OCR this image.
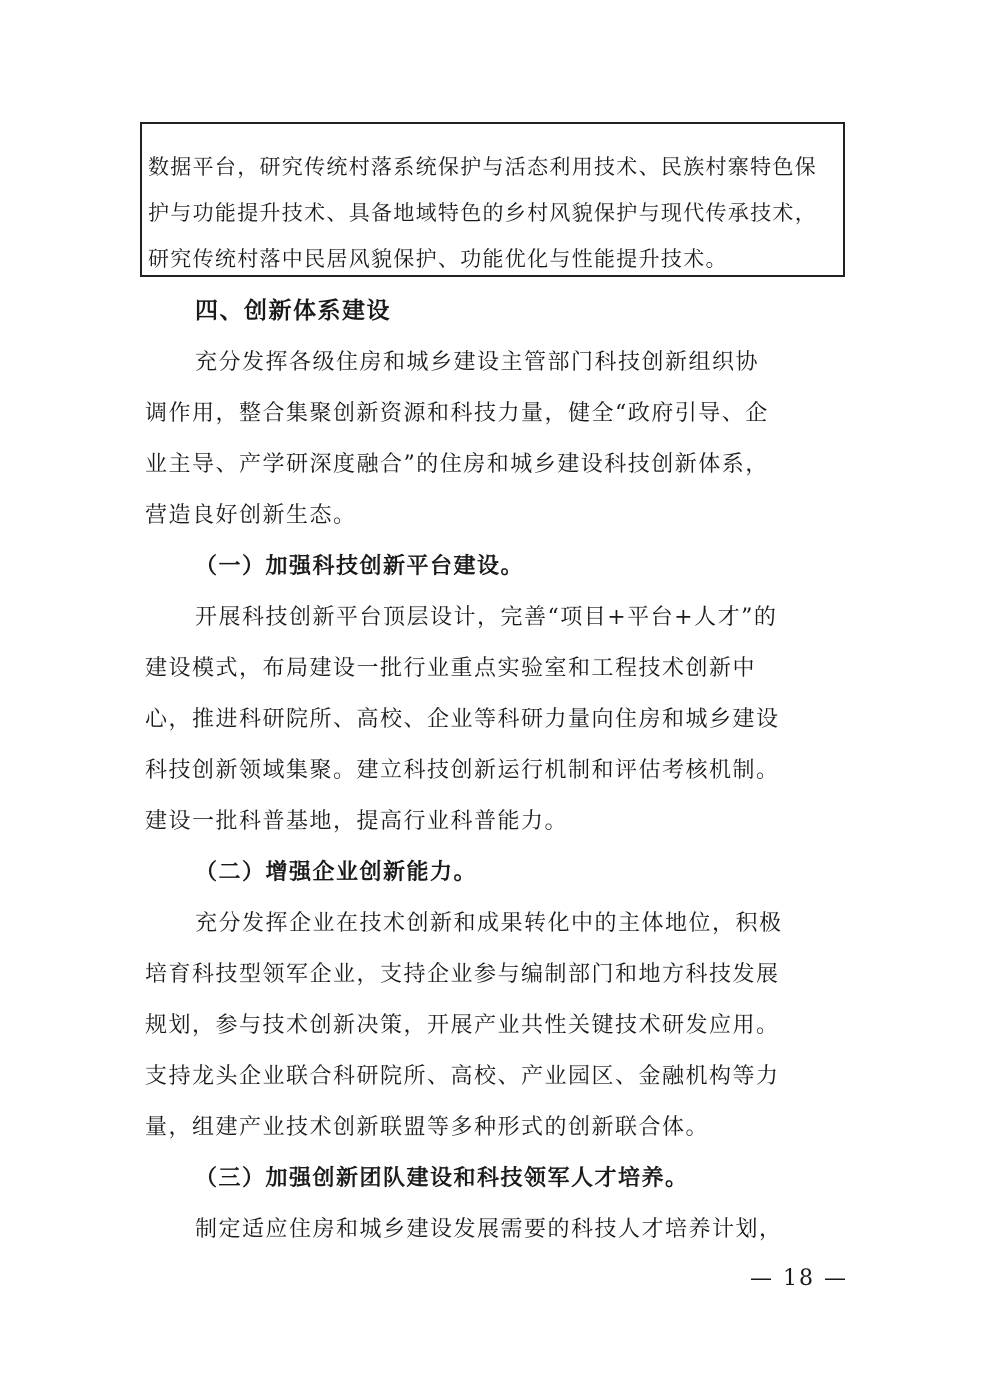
数据平台，研究传统村落系统保护与活态利用技术、民族村寨特色保

护与功能提升技术、具备地域特色的乡村风貌保护与现代传承技术，

研究传统村落中民居风貌保护、功能优化与性能提升技术。

四、创新体系建设

充分发挥各级住房和城乡建设主管部门科技创新组织协

调作用，整合集聚创新资源和科技力量，健全“政府引导、企

业主导、产学研深度融合”的住房和城乡建设科技创新体系，

营造良好创新生态。

（一）加强科技创新平台建设。

开展科技创新平台顶层设计，完善“项目+平台+人才”的

建设模式，布局建设一批行业重点实验室和工程技术创新中

心，推进科研院所、高校、企业等科研力量向住房和城乡建设

科技创新领域集聚。建立科技创新运行机制和评估考核机制。

建设一批科普基地，提高行业科普能力。

（二）增强企业创新能力。

充分发挥企业在技术创新和成果转化中的主体地位，积极

培育科技型领军企业，支持企业参与编制部门和地方科技发展

规划，参与技术创新决策，开展产业共性关键技术研发应用。

支持龙头企业联合科研院所、高校、产业园区、金融机构等力

量，组建产业技术创新联盟等多种形式的创新联合体。

（三）加强创新团队建设和科技领军人才培养。

制定适应住房和城乡建设发展需要的科技人才培养计划，

— 18 —
